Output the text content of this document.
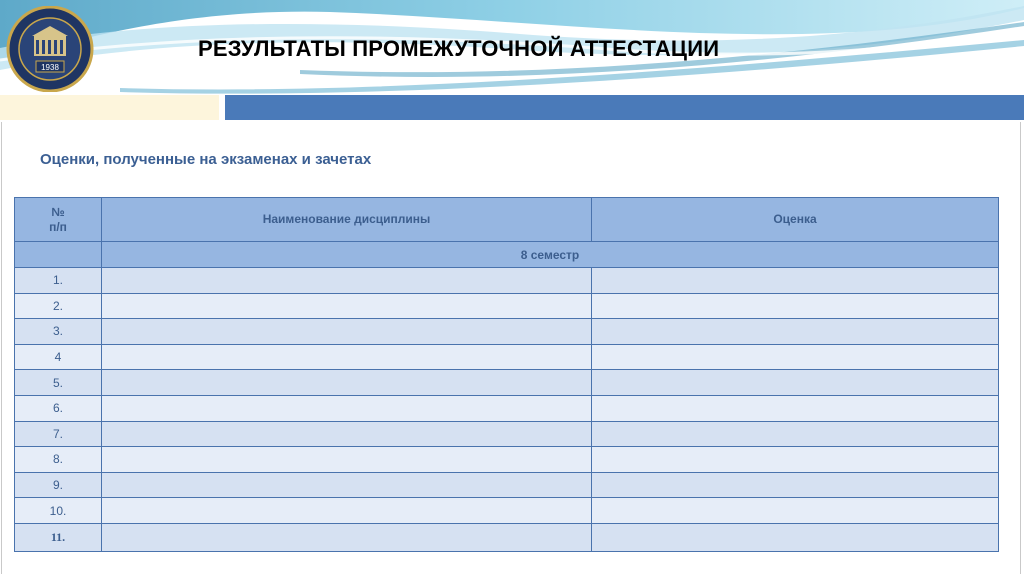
1938
РЕЗУЛЬТАТЫ ПРОМЕЖУТОЧНОЙ АТТЕСТАЦИИ
Оценки, полученные на экзаменах и зачетах
№
п/п	Наименование дисциплины	Оценка
	8 семестр	
1.		
2.		
3.		
4		
5.		
6.		
7.		
8.		
9.		
10.		
11.		
